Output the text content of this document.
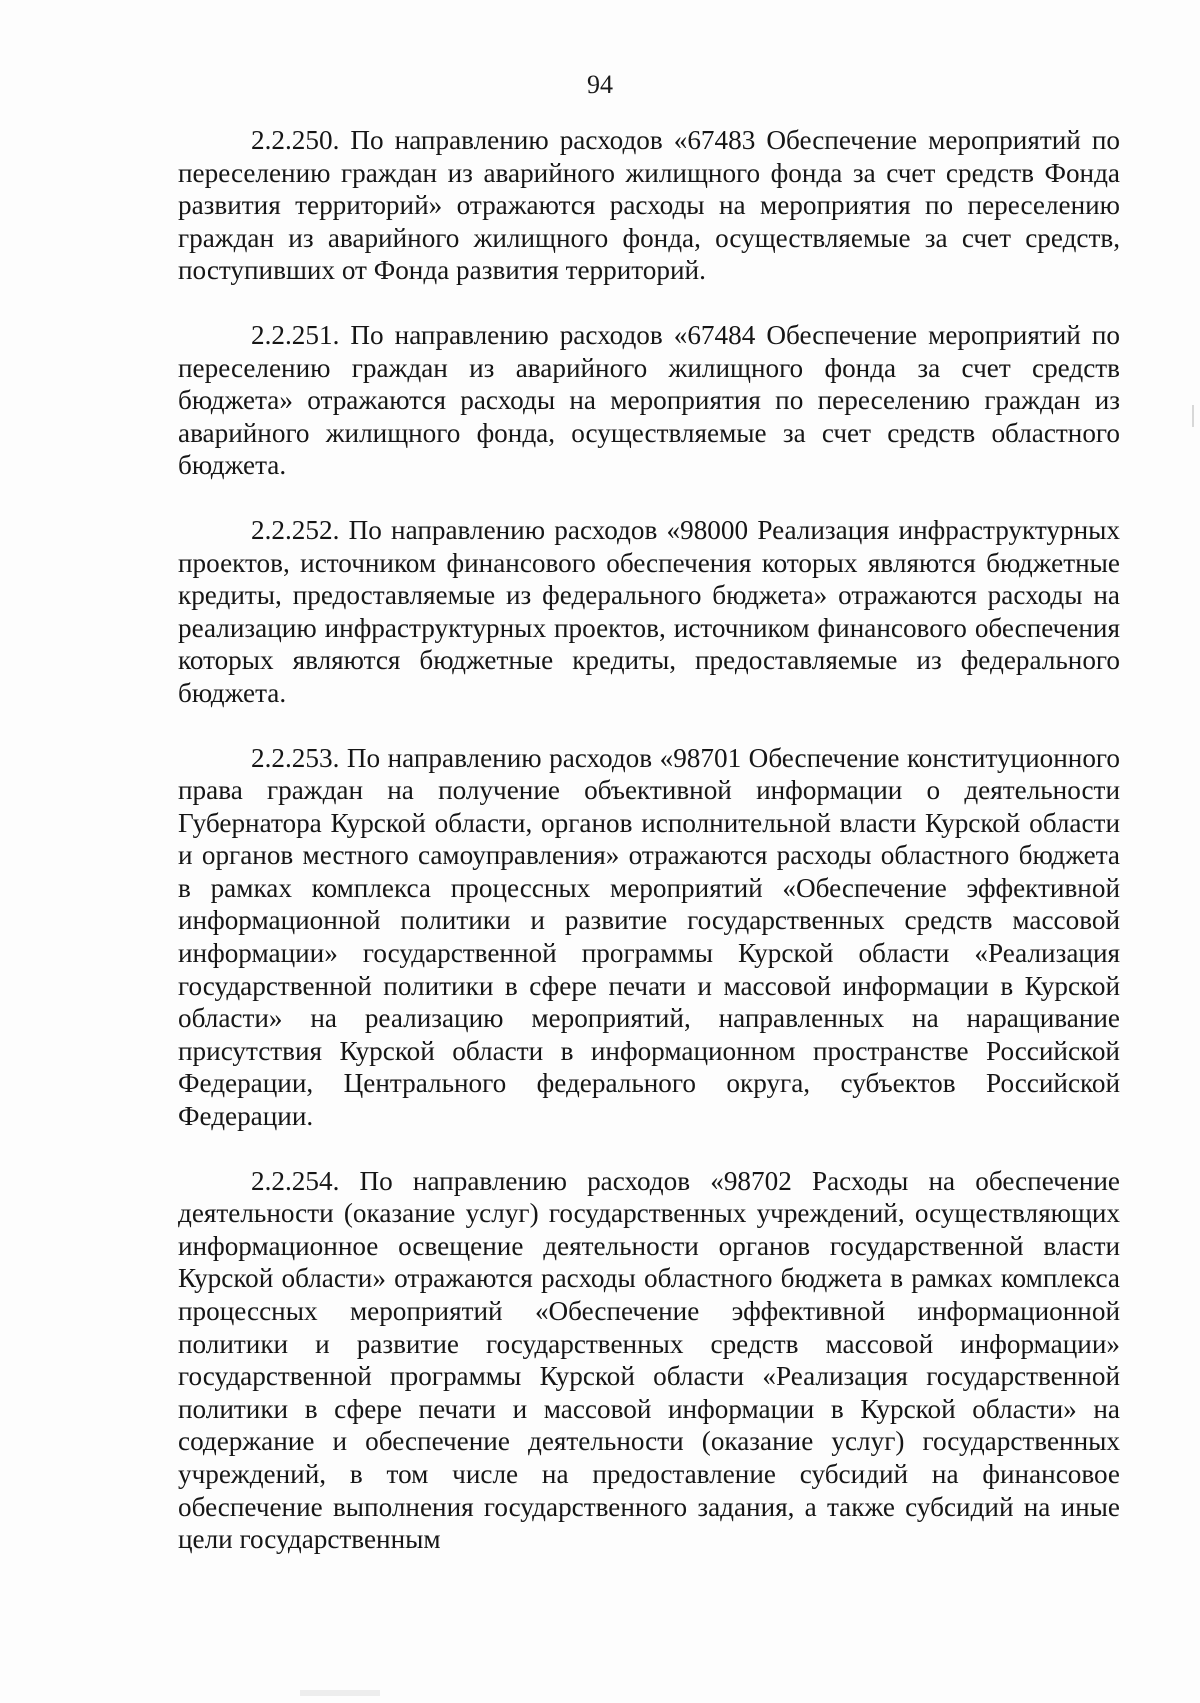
94

2.2.250. По направлению расходов «67483 Обеспечение мероприятий по переселению граждан из аварийного жилищного фонда за счет средств Фонда развития территорий» отражаются расходы на мероприятия по переселению граждан из аварийного жилищного фонда, осуществляемые за счет средств, поступивших от Фонда развития территорий.

2.2.251. По направлению расходов «67484 Обеспечение мероприятий по переселению граждан из аварийного жилищного фонда за счет средств бюджета» отражаются расходы на мероприятия по переселению граждан из аварийного жилищного фонда, осуществляемые за счет средств областного бюджета.

2.2.252. По направлению расходов «98000 Реализация инфраструктурных проектов, источником финансового обеспечения которых являются бюджетные кредиты, предоставляемые из федерального бюджета» отражаются расходы на реализацию инфраструктурных проектов, источником финансового обеспечения которых являются бюджетные кредиты, предоставляемые из федерального бюджета.

2.2.253. По направлению расходов «98701 Обеспечение конституционного права граждан на получение объективной информации о деятельности Губернатора Курской области, органов исполнительной власти Курской области и органов местного самоуправления» отражаются расходы областного бюджета в рамках комплекса процессных мероприятий «Обеспечение эффективной информационной политики и развитие государственных средств массовой информации» государственной программы Курской области «Реализация государственной политики в сфере печати и массовой информации в Курской области» на реализацию мероприятий, направленных на наращивание присутствия Курской области в информационном пространстве Российской Федерации, Центрального федерального округа, субъектов Российской Федерации.

2.2.254. По направлению расходов «98702 Расходы на обеспечение деятельности (оказание услуг) государственных учреждений, осуществляющих информационное освещение деятельности органов государственной власти Курской области» отражаются расходы областного бюджета в рамках комплекса процессных мероприятий «Обеспечение эффективной информационной политики и развитие государственных средств массовой информации» государственной программы Курской области «Реализация государственной политики в сфере печати и массовой информации в Курской области» на содержание и обеспечение деятельности (оказание услуг) государственных учреждений, в том числе на предоставление субсидий на финансовое обеспечение выполнения государственного задания, а также субсидий на иные цели государственным
